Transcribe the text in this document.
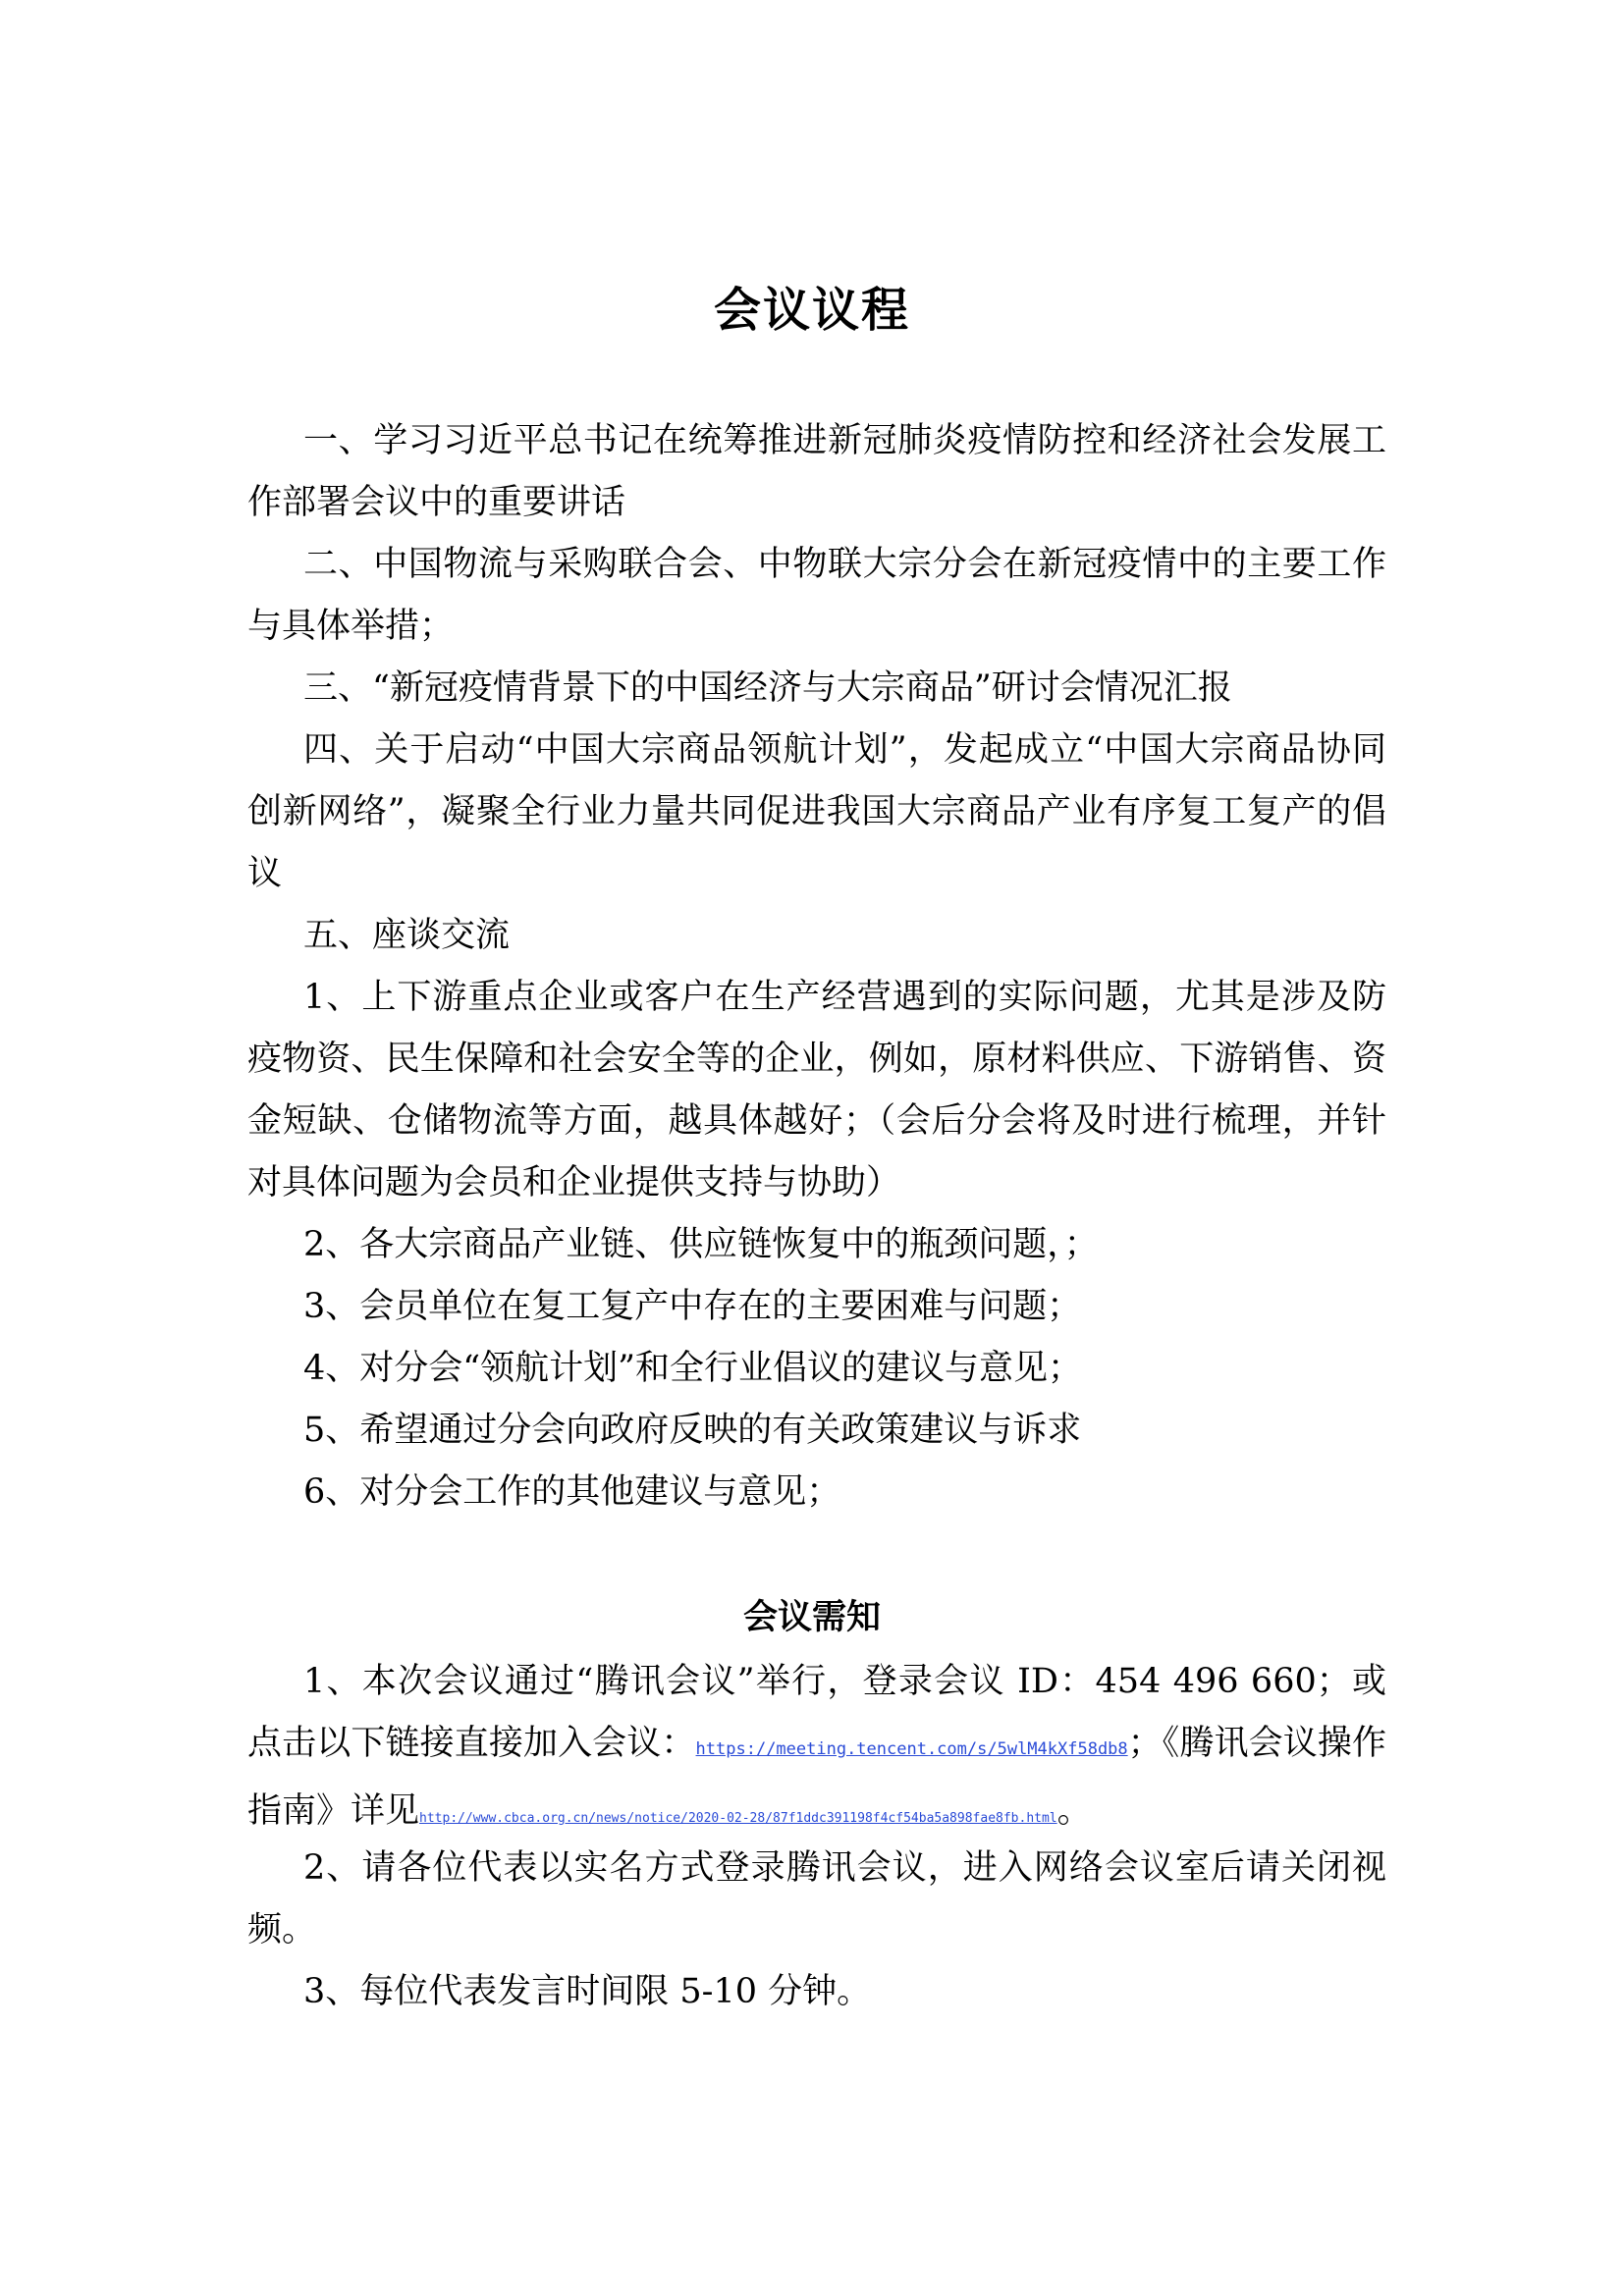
会议议程
一、学习习近平总书记在统筹推进新冠肺炎疫情防控和经济社会发展工作部署会议中的重要讲话
二、中国物流与采购联合会、中物联大宗分会在新冠疫情中的主要工作与具体举措；
三、“新冠疫情背景下的中国经济与大宗商品”研讨会情况汇报
四、关于启动“中国大宗商品领航计划”，发起成立“中国大宗商品协同创新网络”，凝聚全行业力量共同促进我国大宗商品产业有序复工复产的倡议
五、座谈交流
1、上下游重点企业或客户在生产经营遇到的实际问题，尤其是涉及防疫物资、民生保障和社会安全等的企业，例如，原材料供应、下游销售、资金短缺、仓储物流等方面，越具体越好；（会后分会将及时进行梳理，并针对具体问题为会员和企业提供支持与协助）
2、各大宗商品产业链、供应链恢复中的瓶颈问题，；
3、会员单位在复工复产中存在的主要困难与问题；
4、对分会“领航计划”和全行业倡议的建议与意见；
5、希望通过分会向政府反映的有关政策建议与诉求
6、对分会工作的其他建议与意见；
会议需知
1、本次会议通过“腾讯会议”举行，登录会议 ID：454 496 660；或点击以下链接直接加入会议：https://meeting.tencent.com/s/5wlM4kXf58db8；《腾讯会议操作指南》详见http://www.cbca.org.cn/news/notice/2020-02-28/87f1ddc391198f4cf54ba5a898fae8fb.html。
2、请各位代表以实名方式登录腾讯会议，进入网络会议室后请关闭视频。
3、每位代表发言时间限 5-10 分钟。
